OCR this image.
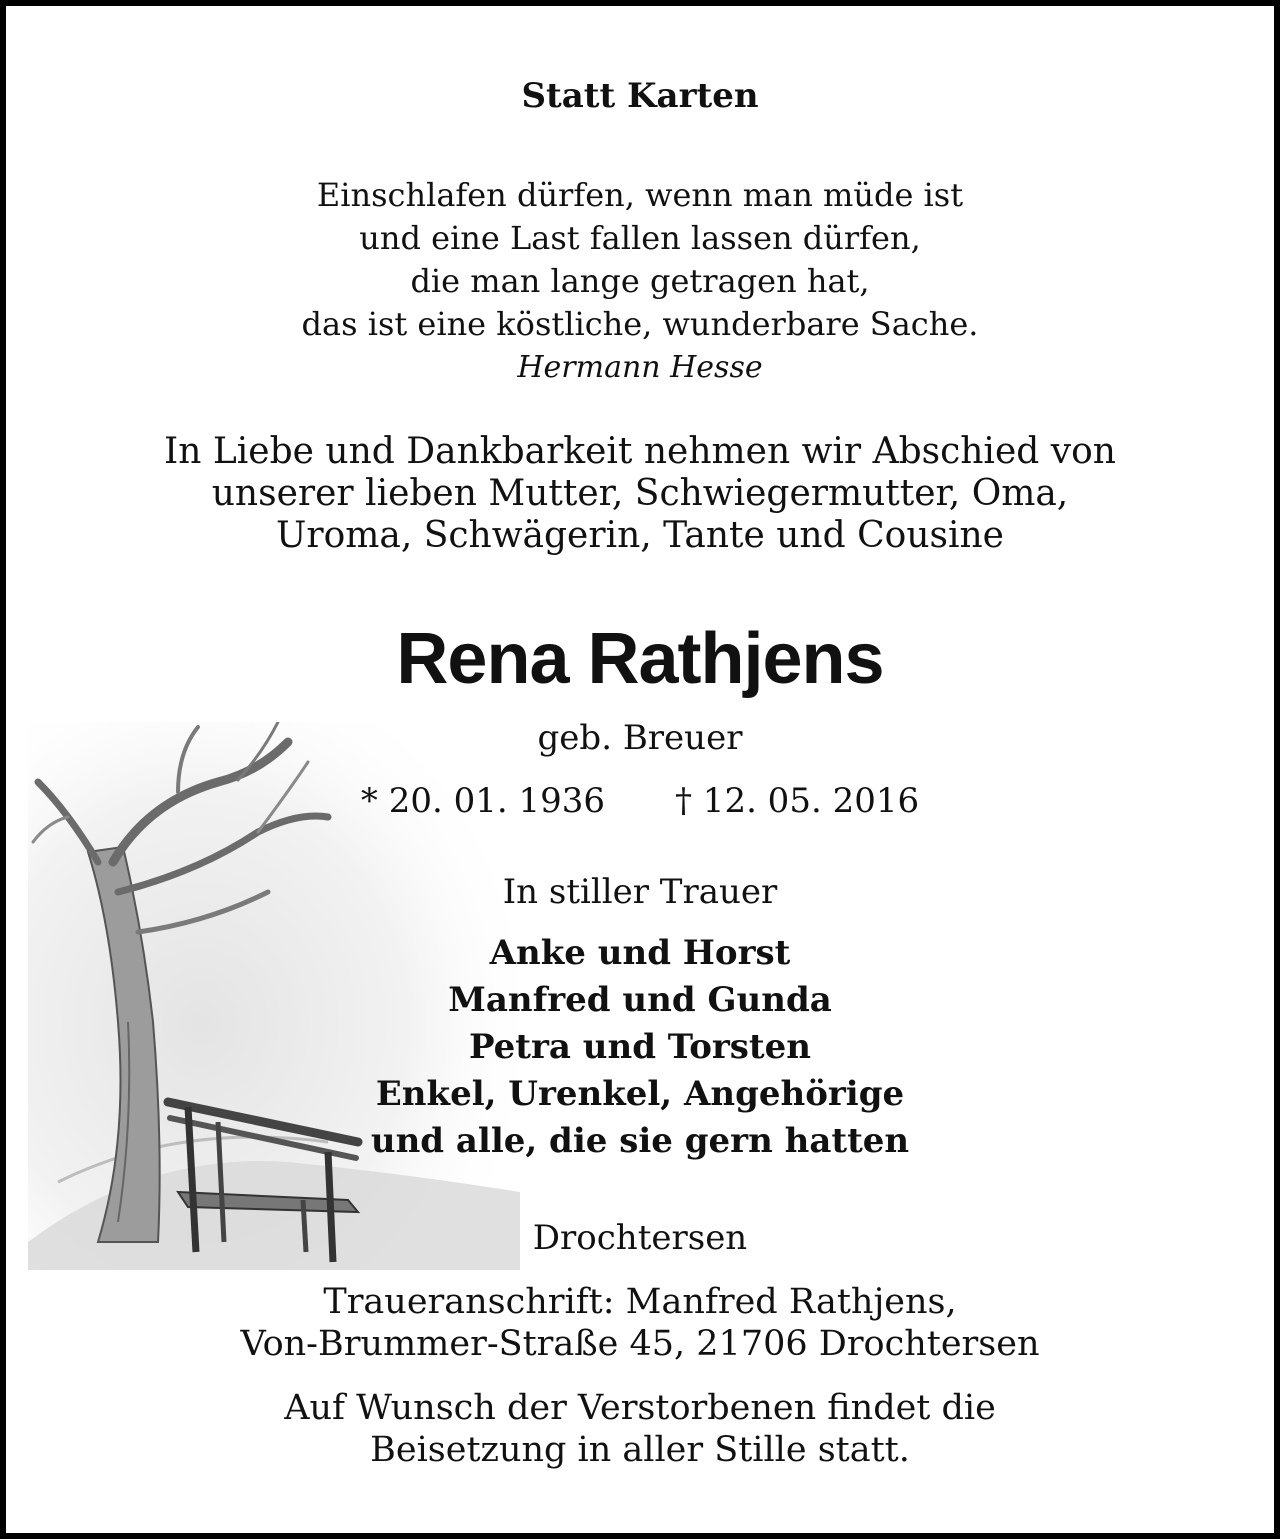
Statt Karten
Einschlafen dürfen, wenn man müde ist
und eine Last fallen lassen dürfen,
die man lange getragen hat,
das ist eine köstliche, wunderbare Sache.
Hermann Hesse
In Liebe und Dankbarkeit nehmen wir Abschied von
unserer lieben Mutter, Schwiegermutter, Oma,
Uroma, Schwägerin, Tante und Cousine
Rena Rathjens
geb. Breuer
* 20. 01. 1936 † 12. 05. 2016
In stiller Trauer
Anke und Horst
Manfred und Gunda
Petra und Torsten
Enkel, Urenkel, Angehörige
und alle, die sie gern hatten
Drochtersen
Traueranschrift: Manfred Rathjens,
Von-Brummer-Straße 45, 21706 Drochtersen
Auf Wunsch der Verstorbenen findet die
Beisetzung in aller Stille statt.
